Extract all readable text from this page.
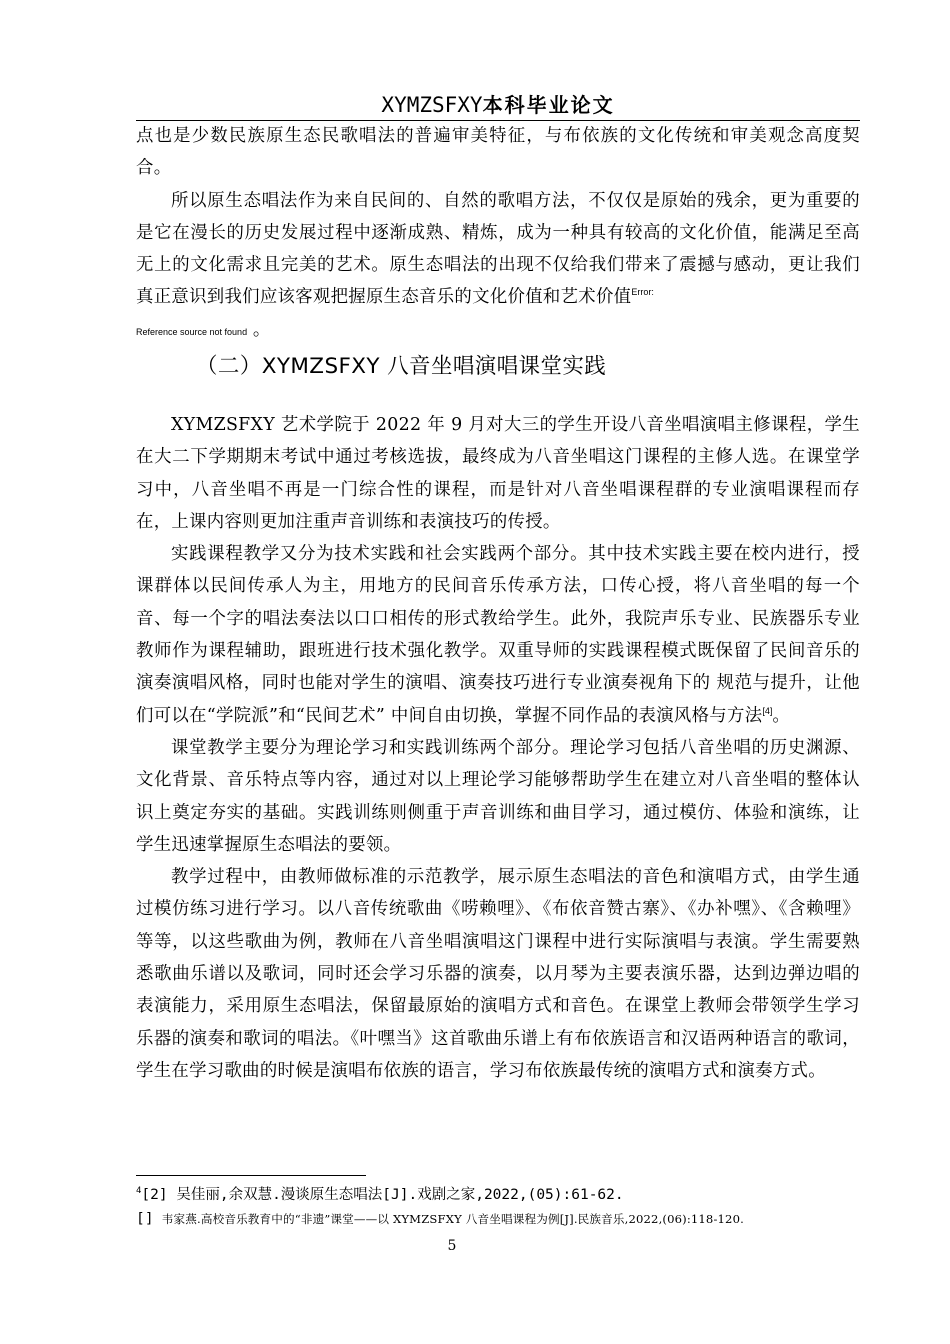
XYMZSFXY本科毕业论文

点也是少数民族原生态民歌唱法的普遍审美特征，与布依族的文化传统和审美观念高度契合。

所以原生态唱法作为来自民间的、自然的歌唱方法，不仅仅是原始的残余，更为重要的是它在漫长的历史发展过程中逐渐成熟、精炼，成为一种具有较高的文化价值，能满足至高无上的文化需求且完美的艺术。原生态唱法的出现不仅给我们带来了震撼与感动，更让我们真正意识到我们应该客观把握原生态音乐的文化价值和艺术价值$^{Error:}$
Reference source not found 。

（二）XYMZSFXY 八音坐唱演唱课堂实践

XYMZSFXY 艺术学院于 2022 年 9 月对大三的学生开设八音坐唱演唱主修课程，学生在大二下学期期末考试中通过考核选拔，最终成为八音坐唱这门课程的主修人选。在课堂学习中，八音坐唱不再是一门综合性的课程，而是针对八音坐唱课程群的专业演唱课程而存在，上课内容则更加注重声音训练和表演技巧的传授。

实践课程教学又分为技术实践和社会实践两个部分。其中技术实践主要在校内进行，授课群体以民间传承人为主，用地方的民间音乐传承方法，口传心授，将八音坐唱的每一个音、每一个字的唱法奏法以口口相传的形式教给学生。此外，我院声乐专业、民族器乐专业教师作为课程辅助，跟班进行技术强化教学。双重导师的实践课程模式既保留了民间音乐的演奏演唱风格，同时也能对学生的演唱、演奏技巧进行专业演奏视角下的 规范与提升，让他们可以在“学院派”和“民间艺术” 中间自由切换，掌握不同作品的表演风格与方法[4]。

课堂教学主要分为理论学习和实践训练两个部分。理论学习包括八音坐唱的历史渊源、文化背景、音乐特点等内容，通过对以上理论学习能够帮助学生在建立对八音坐唱的整体认识上奠定夯实的基础。实践训练则侧重于声音训练和曲目学习，通过模仿、体验和演练，让学生迅速掌握原生态唱法的要领。

教学过程中，由教师做标准的示范教学，展示原生态唱法的音色和演唱方式，由学生通过模仿练习进行学习。以八音传统歌曲《唠赖哩》、《布依音赞古寨》、《办补嘿》、《含赖哩》等等，以这些歌曲为例，教师在八音坐唱演唱这门课程中进行实际演唱与表演。学生需要熟悉歌曲乐谱以及歌词，同时还会学习乐器的演奏，以月琴为主要表演乐器，达到边弹边唱的表演能力，采用原生态唱法，保留最原始的演唱方式和音色。在课堂上教师会带领学生学习乐器的演奏和歌词的唱法。《叶嘿当》这首歌曲乐谱上有布依族语言和汉语两种语言的歌词，学生在学习歌曲的时候是演唱布依族的语言，学习布依族最传统的演唱方式和演奏方式。

$^4$[2] 吴佳丽,余双慧.漫谈原生态唱法[J].戏剧之家,2022,(05):61-62.
[] 韦家燕.高校音乐教育中的“非遗”课堂——以 XYMZSFXY 八音坐唱课程为例[J].民族音乐,2022,(06):118-120.
5
